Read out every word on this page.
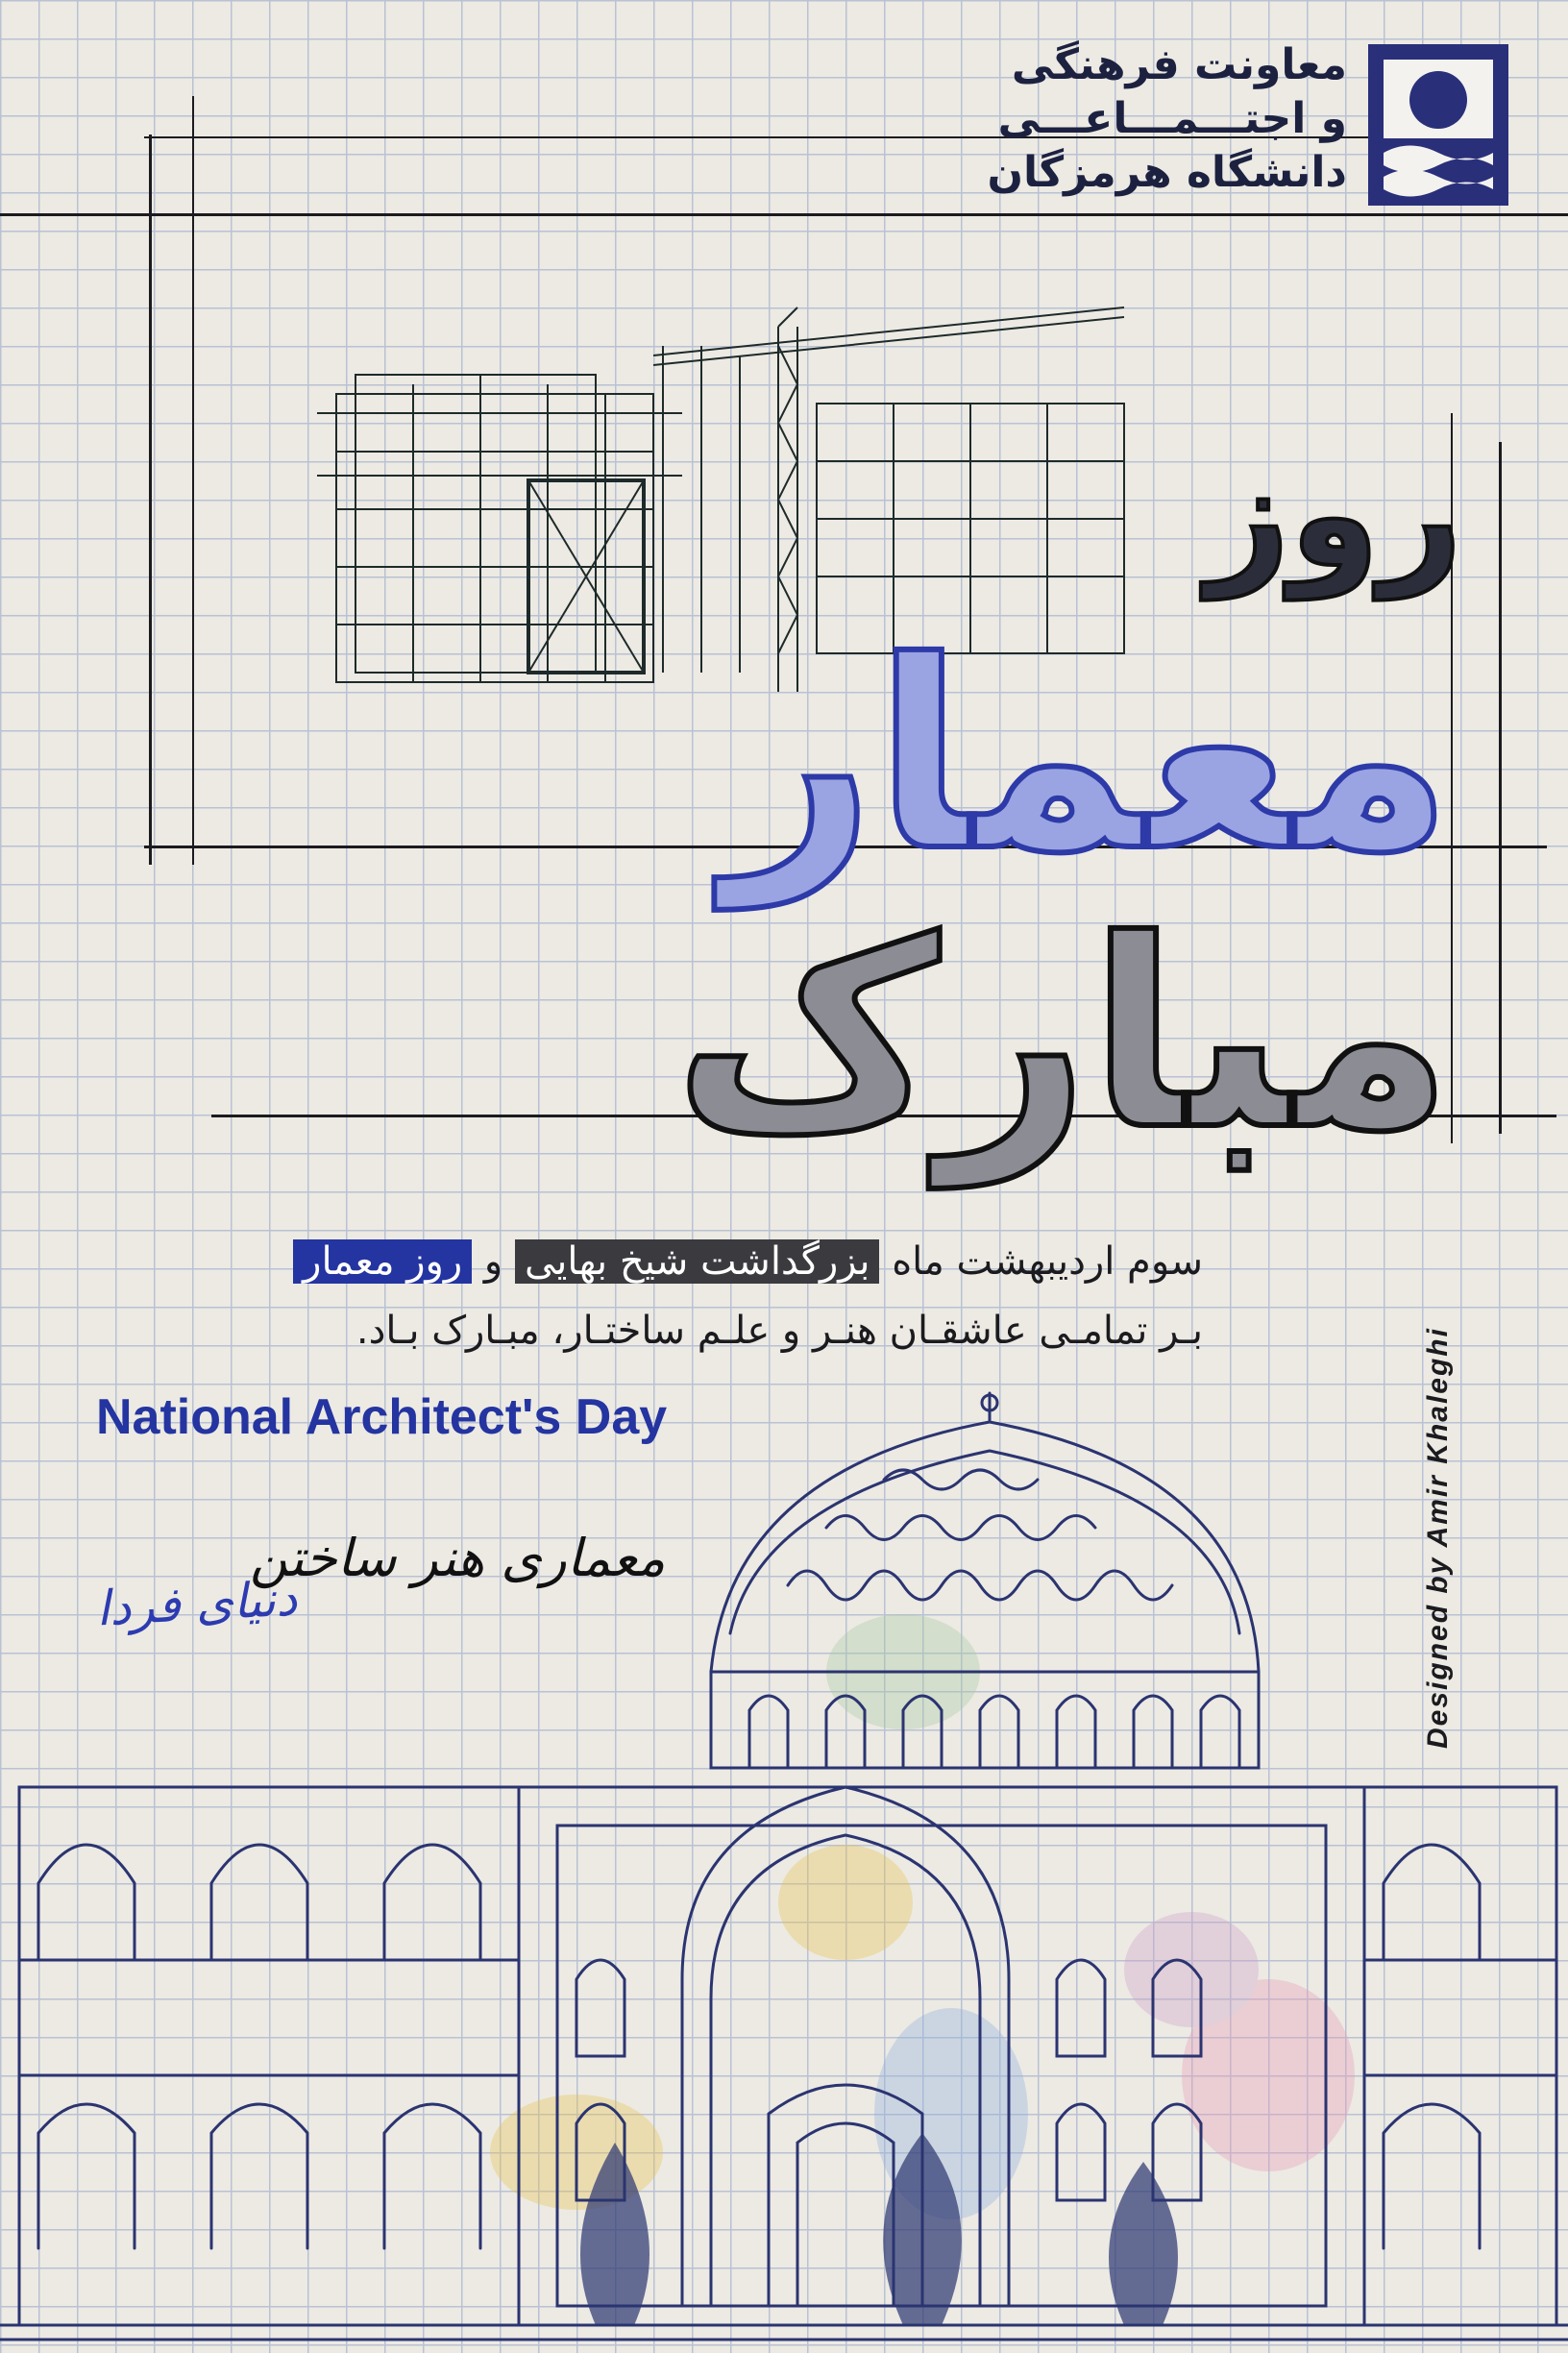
معاونت فرهنگی
و اجتـــمـــاعـــی
دانشگاه هرمزگان
روز
معمار
مبارک
سوم اردیبهشت ماه بزرگداشت شیخ بهایی و روز معمار
بـر تمامـی عاشقـان هنـر و علـم ساختـار، مبـارک بـاد.
National Architect's Day
معماری هنر ساختن
دنیای فردا	Designed by Amir Khaleghi
